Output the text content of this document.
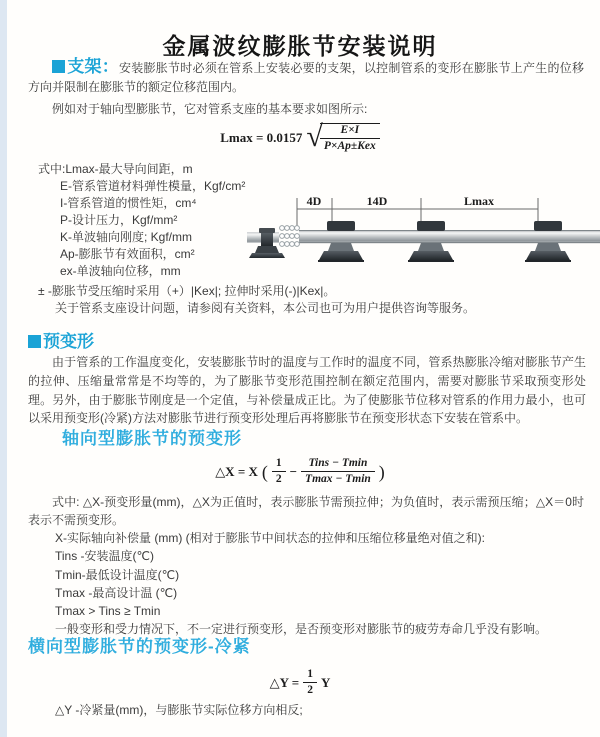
金属波纹膨胀节安装说明

支架：安装膨胀节时必须在管系上安装必要的支架，以控制管系的变形在膨胀节上产生的位移方向并限制在膨胀节的额定位移范围内。

例如对于轴向型膨胀节，它对管系支座的基本要求如图所示:
Lmax = 0.0157 √
$\frac{E\times I}{\text{P×Ap±Kex}}$
式中:Lmax-最大导向间距，m
E-管系管道材料弹性模量，Kgf/cm²
I-管系管道的惯性矩，cm⁴
P-设计压力，Kgf/mm²
K-单波轴向刚度; Kgf/mm
Ap-膨胀节有效面积，cm²
ex-单波轴向位移，mm
± -膨胀节受压缩时采用（+）|Kex|; 拉伸时采用(-)|Kex|。
关于管系支座设计问题，请参阅有关资料，本公司也可为用户提供咨询等服务。
4D	14D	Lmax
预变形
由于管系的工作温度变化，安装膨胀节时的温度与工作时的温度不同，管系热膨胀冷缩对膨胀节产生的拉伸、压缩量常常是不均等的，为了膨胀节变形范围控制在额定范围内，需要对膨胀节采取预变形处理。另外，由于膨胀节刚度是一个定值，与补偿量成正比。为了使膨胀节位移对管系的作用力最小，也可以采用预变形(冷紧)方法对膨胀节进行预变形处理后再将膨胀节在预变形状态下安装在管系中。
轴向型膨胀节的预变形
△X = X ( $\frac{1}{2} - \frac{\text{Tins − Tmin}}{Tmax - Tmin}$ )
式中: △X-预变形量(mm)，△X为正值时，表示膨胀节需预拉伸；为负值时，表示需预压缩；△X＝0时表示不需预变形。
X-实际轴向补偿量 (mm) (相对于膨胀节中间状态的拉伸和压缩位移量绝对值之和):
Tins -安装温度(℃)
Tmin-最低设计温度(℃)
Tmax -最高设计温 (℃)
Tmax > Tins ≥ Tmin
一般变形和受力情况下，不一定进行预变形，是否预变形对膨胀节的疲劳寿命几乎没有影响。
横向型膨胀节的预变形-冷紧
△Y = $\frac{1}{2}$ Y
△Y -冷紧量(mm)，与膨胀节实际位移方向相反;
